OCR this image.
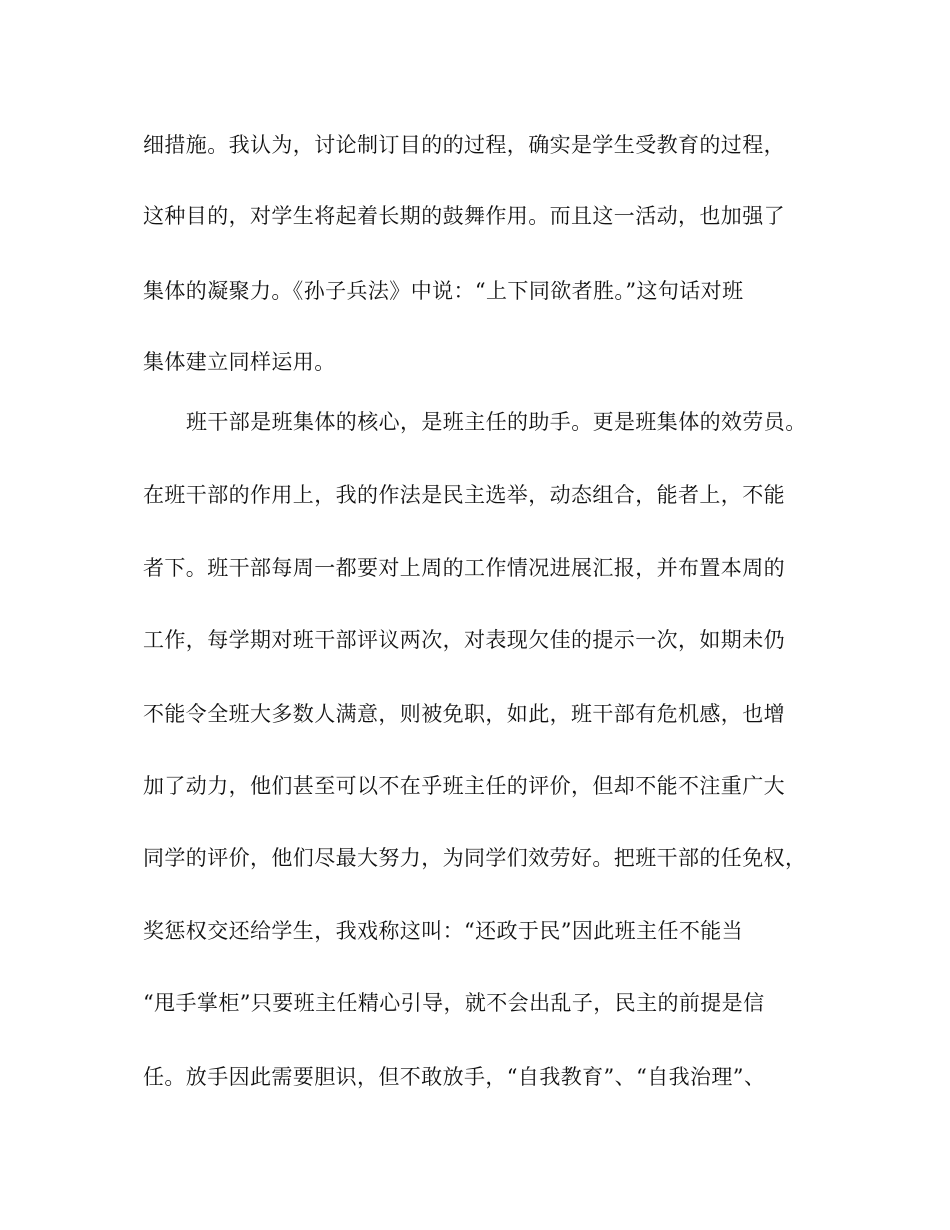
细措施。我认为，讨论制订目的的过程，确实是学生受教育的过程，
这种目的，对学生将起着长期的鼓舞作用。而且这一活动，也加强了
集体的凝聚力。《孙子兵法》中说：“上下同欲者胜。”这句话对班
集体建立同样运用。
班干部是班集体的核心，是班主任的助手。更是班集体的效劳员。
在班干部的作用上，我的作法是民主选举，动态组合，能者上，不能
者下。班干部每周一都要对上周的工作情况进展汇报，并布置本周的
工作，每学期对班干部评议两次，对表现欠佳的提示一次，如期未仍
不能令全班大多数人满意，则被免职，如此，班干部有危机感，也增
加了动力，他们甚至可以不在乎班主任的评价，但却不能不注重广大
同学的评价，他们尽最大努力，为同学们效劳好。把班干部的任免权，
奖惩权交还给学生，我戏称这叫：“还政于民”因此班主任不能当
“甩手掌柜”只要班主任精心引导，就不会出乱子，民主的前提是信
任。放手因此需要胆识，但不敢放手，“自我教育”、“自我治理”、
